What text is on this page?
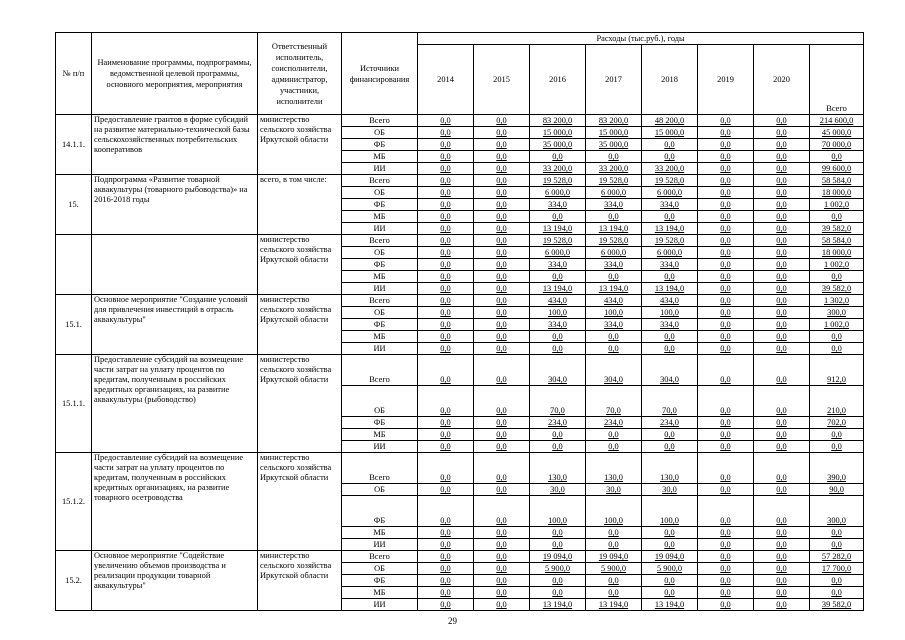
№ п/п	Наименование программы, подпрограммы, ведомственной целевой программы, основного мероприятия, мероприятия	Ответственный исполнитель, соисполнители, администратор, участники, исполнители	Источники финансирования	Расходы (тыс.руб.), годы							
				2014	2015	2016	2017	2018	2019	2020	Всего
14.1.1.	Предоставление грантов в форме субсидий на развитие материально-технической базы сельскохозяйственных потребительских кооперативов	министерство сельского хозяйства Иркутской области	Всего	0,0	0,0	83 200,0	83 200,0	48 200,0	0,0	0,0	214 600,0
			ОБ	0,0	0,0	15 000,0	15 000,0	15 000,0	0,0	0,0	45 000,0
			ФБ	0,0	0,0	35 000,0	35 000,0	0,0	0,0	0,0	70 000,0
			МБ	0,0	0,0	0,0	0,0	0,0	0,0	0,0	0,0
			ИИ	0,0	0,0	33 200,0	33 200,0	33 200,0	0,0	0,0	99 600,0
15.	Подпрограмма «Развитие товарной аквакультуры (товарного рыбоводства)» на 2016-2018 годы	всего, в том числе:	Всего	0,0	0,0	19 528,0	19 528,0	19 528,0	0,0	0,0	58 584,0
			ОБ	0,0	0,0	6 000,0	6 000,0	6 000,0	0,0	0,0	18 000,0
			ФБ	0,0	0,0	334,0	334,0	334,0	0,0	0,0	1 002,0
			МБ	0,0	0,0	0,0	0,0	0,0	0,0	0,0	0,0
			ИИ	0,0	0,0	13 194,0	13 194,0	13 194,0	0,0	0,0	39 582,0
		министерство сельского хозяйства Иркутской области	Всего	0,0	0,0	19 528,0	19 528,0	19 528,0	0,0	0,0	58 584,0
			ОБ	0,0	0,0	6 000,0	6 000,0	6 000,0	0,0	0,0	18 000,0
			ФБ	0,0	0,0	334,0	334,0	334,0	0,0	0,0	1 002,0
			МБ	0,0	0,0	0,0	0,0	0,0	0,0	0,0	0,0
			ИИ	0,0	0,0	13 194,0	13 194,0	13 194,0	0,0	0,0	39 582,0
15.1.	Основное мероприятие "Создание условий для привлечения инвестиций в отрасль аквакультуры"	министерство сельского хозяйства Иркутской области	Всего	0,0	0,0	434,0	434,0	434,0	0,0	0,0	1 302,0
			ОБ	0,0	0,0	100,0	100,0	100,0	0,0	0,0	300,0
			ФБ	0,0	0,0	334,0	334,0	334,0	0,0	0,0	1 002,0
			МБ	0,0	0,0	0,0	0,0	0,0	0,0	0,0	0,0
			ИИ	0,0	0,0	0,0	0,0	0,0	0,0	0,0	0,0
15.1.1.	Предоставление субсидий на возмещение части затрат на уплату процентов по кредитам, полученным в российских кредитных организациях, на развитие аквакультуры (рыбоводство)	министерство сельского хозяйства Иркутской области	Всего	0,0	0,0	304,0	304,0	304,0	0,0	0,0	912,0
			ОБ	0,0	0,0	70,0	70,0	70,0	0,0	0,0	210,0
			ФБ	0,0	0,0	234,0	234,0	234,0	0,0	0,0	702,0
			МБ	0,0	0,0	0,0	0,0	0,0	0,0	0,0	0,0
			ИИ	0,0	0,0	0,0	0,0	0,0	0,0	0,0	0,0
15.1.2.	Предоставление субсидий на возмещение части затрат на уплату процентов по кредитам, полученным в российских кредитных организациях, на развитие товарного осетроводства	министерство сельского хозяйства Иркутской области	Всего	0,0	0,0	130,0	130,0	130,0	0,0	0,0	390,0
			ОБ	0,0	0,0	30,0	30,0	30,0	0,0	0,0	90,0
			ФБ	0,0	0,0	100,0	100,0	100,0	0,0	0,0	300,0
			МБ	0,0	0,0	0,0	0,0	0,0	0,0	0,0	0,0
			ИИ	0,0	0,0	0,0	0,0	0,0	0,0	0,0	0,0
15.2.	Основное мероприятие "Содействие увеличению объемов производства и реализации продукции товарной аквакультуры"	министерство сельского хозяйства Иркутской области	Всего	0,0	0,0	19 094,0	19 094,0	19 094,0	0,0	0,0	57 282,0
			ОБ	0,0	0,0	5 900,0	5 900,0	5 900,0	0,0	0,0	17 700,0
			ФБ	0,0	0,0	0,0	0,0	0,0	0,0	0,0	0,0
			МБ	0,0	0,0	0,0	0,0	0,0	0,0	0,0	0,0
			ИИ	0,0	0,0	13 194,0	13 194,0	13 194,0	0,0	0,0	39 582,0
29
